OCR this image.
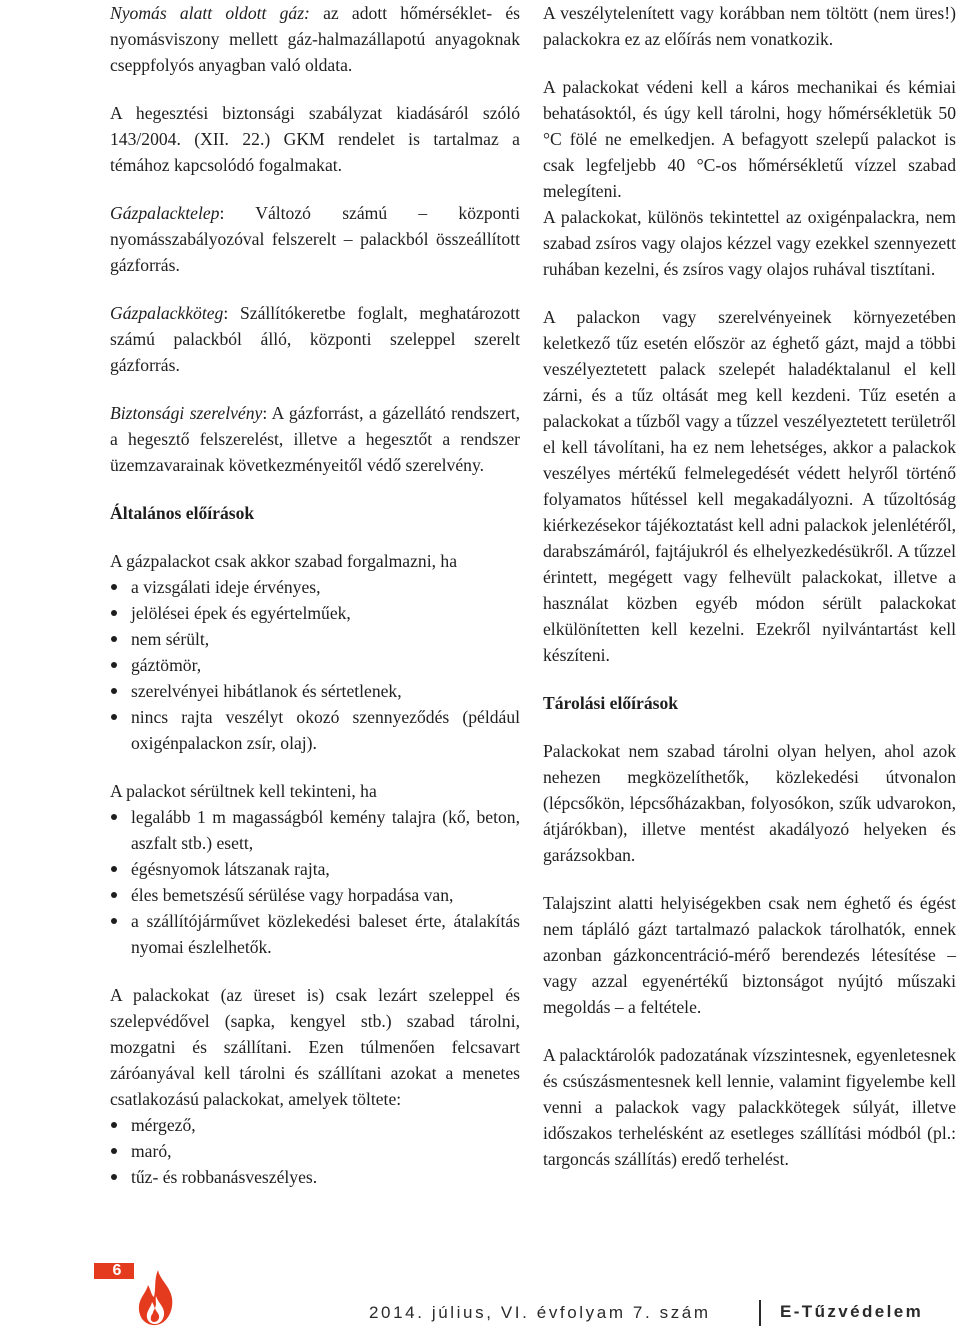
Nyomás alatt oldott gáz: az adott hőmérséklet- és nyomásviszony mellett gáz-halmazállapotú anyagoknak cseppfolyós anyagban való oldata.

A hegesztési biztonsági szabályzat kiadásáról szóló 143/2004. (XII. 22.) GKM rendelet is tartalmaz a témához kapcsolódó fogalmakat.

Gázpalacktelep: Változó számú – központi nyomásszabályozóval felszerelt – palackból összeállított gázforrás.

Gázpalackköteg: Szállítókeretbe foglalt, meghatározott számú palackból álló, központi szeleppel szerelt gázforrás.

Biztonsági szerelvény: A gázforrást, a gázellátó rendszert, a hegesztő felszerelést, illetve a hegesztőt a rendszer üzemzavarainak következményeitől védő szerelvény.

Általános előírások

A gázpalackot csak akkor szabad forgalmazni, ha

a vizsgálati ideje érvényes,
jelölései épek és egyértelműek,
nem sérült,
gáztömör,
szerelvényei hibátlanok és sértetlenek,
nincs rajta veszélyt okozó szennyeződés (például oxigénpalackon zsír, olaj).

A palackot sérültnek kell tekinteni, ha

legalább 1 m magasságból kemény talajra (kő, beton, aszfalt stb.) esett,
égésnyomok látszanak rajta,
éles bemetszésű sérülése vagy horpadása van,
a szállítójárművet közlekedési baleset érte, átalakítás nyomai észlelhetők.

A palackokat (az üreset is) csak lezárt szeleppel és szelepvédővel (sapka, kengyel stb.) szabad tárolni, mozgatni és szállítani. Ezen túlmenően felcsavart záróanyával kell tárolni és szállítani azokat a menetes csatlakozású palackokat, amelyek töltete:

mérgező,
maró,
tűz- és robbanásveszélyes.

A veszélytelenített vagy korábban nem töltött (nem üres!) palackokra ez az előírás nem vonatkozik.

A palackokat védeni kell a káros mechanikai és kémiai behatásoktól, és úgy kell tárolni, hogy hőmérsékletük 50 °C fölé ne emelkedjen. A befagyott szelepű palackot is csak legfeljebb 40 °C-os hőmérsékletű vízzel szabad melegíteni.

A palackokat, különös tekintettel az oxigénpalackra, nem szabad zsíros vagy olajos kézzel vagy ezekkel szennyezett ruhában kezelni, és zsíros vagy olajos ruhával tisztítani.

A palackon vagy szerelvényeinek környezetében keletkező tűz esetén először az éghető gázt, majd a többi veszélyeztetett palack szelepét haladéktalanul el kell zárni, és a tűz oltását meg kell kezdeni. Tűz esetén a palackokat a tűzből vagy a tűzzel veszélyeztetett területről el kell távolítani, ha ez nem lehetséges, akkor a palackok veszélyes mértékű felmelegedését védett helyről történő folyamatos hűtéssel kell megakadályozni. A tűzoltóság kiérkezésekor tájékoztatást kell adni palackok jelenlétéről, darabszámáról, fajtájukról és elhelyezkedésükről. A tűzzel érintett, megégett vagy felhevült palackokat, illetve a használat közben egyéb módon sérült palackokat elkülönítetten kell kezelni. Ezekről nyilvántartást kell készíteni.

Tárolási előírások

Palackokat nem szabad tárolni olyan helyen, ahol azok nehezen megközelíthetők, közlekedési útvonalon (lépcsőkön, lépcsőházakban, folyosókon, szűk udvarokon, átjárókban), illetve mentést akadályozó helyeken és garázsokban.

Talajszint alatti helyiségekben csak nem éghető és égést nem tápláló gázt tartalmazó palackok tárolhatók, ennek azonban gázkoncentráció-mérő berendezés létesítése – vagy azzal egyenértékű biztonságot nyújtó műszaki megoldás – a feltétele.

A palacktárolók padozatának vízszintesnek, egyenletesnek és csúszásmentesnek kell lennie, valamint figyelembe kell venni a palackok vagy palackkötegek súlyát, illetve időszakos terhelésként az esetleges szállítási módból (pl.: targoncás szállítás) eredő terhelést.

6
2014. július, VI. évfolyam 7. szám	E-Tűzvédelem
